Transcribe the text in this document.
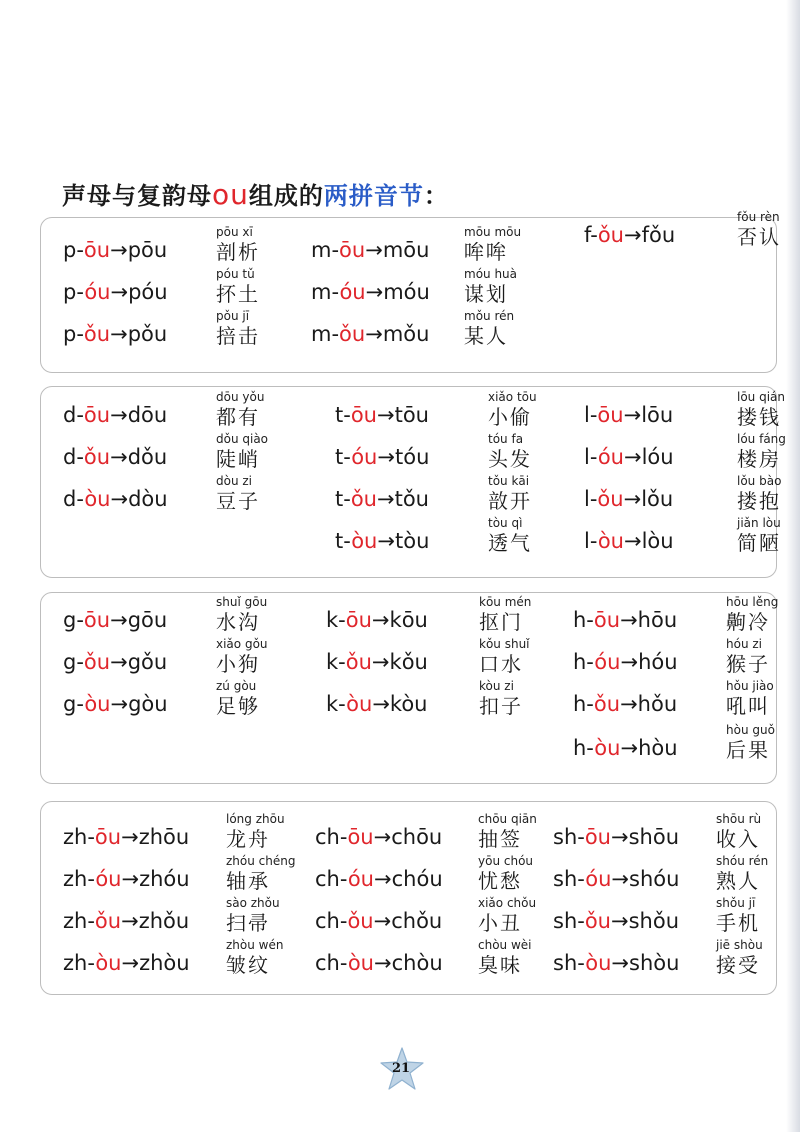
声母与复韵母ou组成的两拼音节：
p-ōu→pōu
pōu xī
剖析
p-óu→póu
póu tǔ
抔土
p-ǒu→pǒu
pǒu jī
掊击
m-ōu→mōu
mōu mōu
哞哞
m-óu→móu
móu huà
谋划
m-ǒu→mǒu
mǒu rén
某人
f-ǒu→fǒu
fǒu rèn
否认
d-ōu→dōu
dōu yǒu
都有
d-ǒu→dǒu
dǒu qiào
陡峭
d-òu→dòu
dòu zi
豆子
t-ōu→tōu
xiǎo tōu
小偷
t-óu→tóu
tóu fa
头发
t-ǒu→tǒu
tǒu kāi
敨开
t-òu→tòu
tòu qì
透气
l-ōu→lōu
lōu qián
搂钱
l-óu→lóu
lóu fáng
楼房
l-ǒu→lǒu
lǒu bào
搂抱
l-òu→lòu
jiǎn lòu
简陋
g-ōu→gōu
shuǐ gōu
水沟
g-ǒu→gǒu
xiǎo gǒu
小狗
g-òu→gòu
zú gòu
足够
k-ōu→kōu
kōu mén
抠门
k-ǒu→kǒu
kǒu shuǐ
口水
k-òu→kòu
kòu zi
扣子
h-ōu→hōu
hōu lěng
齁冷
h-óu→hóu
hóu zi
猴子
h-ǒu→hǒu
hǒu jiào
吼叫
h-òu→hòu
hòu guǒ
后果
zh-ōu→zhōu
lóng zhōu
龙舟
zh-óu→zhóu
zhóu chéng
轴承
zh-ǒu→zhǒu
sào zhǒu
扫帚
zh-òu→zhòu
zhòu wén
皱纹
ch-ōu→chōu
chōu qiān
抽签
ch-óu→chóu
yōu chóu
忧愁
ch-ǒu→chǒu
xiǎo chǒu
小丑
ch-òu→chòu
chòu wèi
臭味
sh-ōu→shōu
shōu rù
收入
sh-óu→shóu
shóu rén
熟人
sh-ǒu→shǒu
shǒu jī
手机
sh-òu→shòu
jiē shòu
接受
21
